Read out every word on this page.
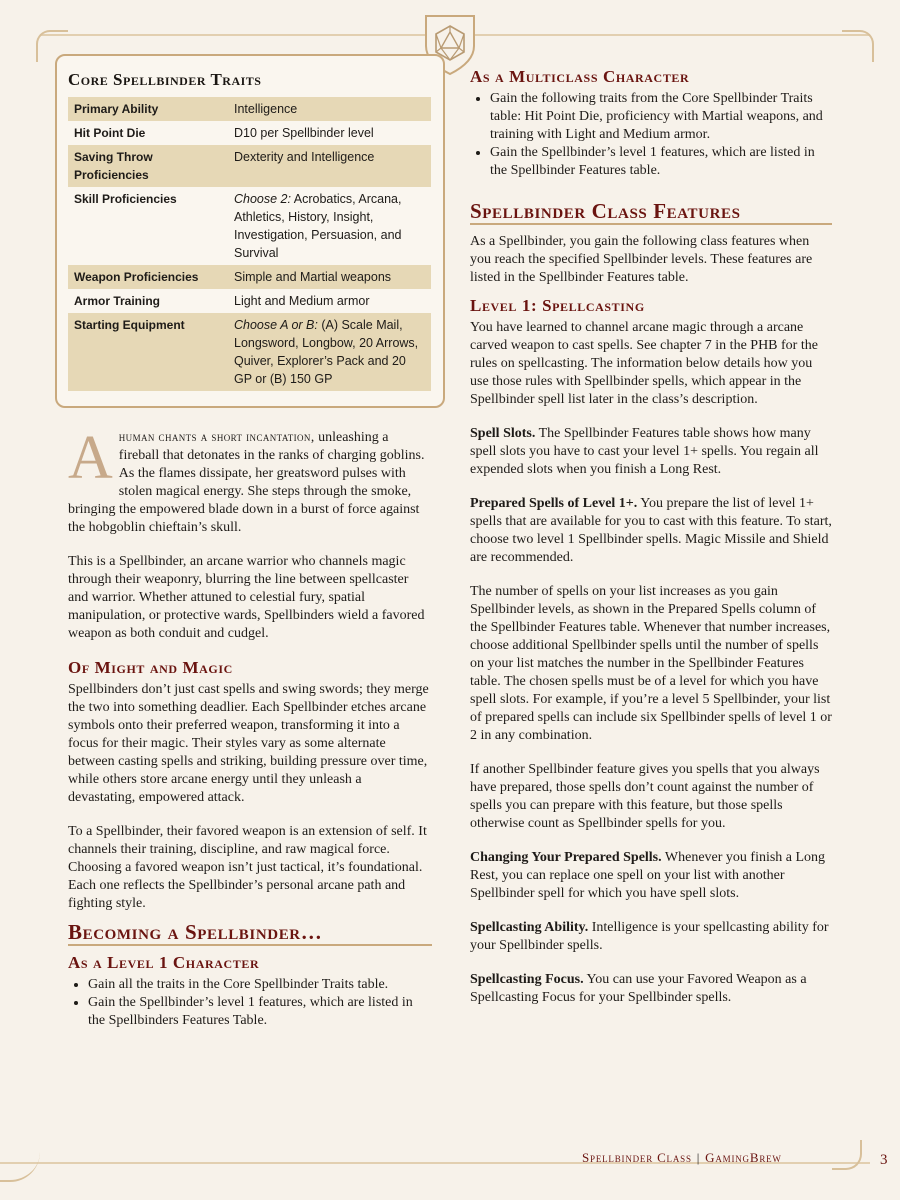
Core Spellbinder Traits
Primary Ability	Intelligence
Hit Point Die	D10 per Spellbinder level
Saving Throw Proficiencies	Dexterity and Intelligence
Skill Proficiencies	Choose 2: Acrobatics, Arcana, Athletics, History, Insight, Investigation, Persuasion, and Survival
Weapon Proficiencies	Simple and Martial weapons
Armor Training	Light and Medium armor
Starting Equipment	Choose A or B: (A) Scale Mail, Longsword, Longbow, 20 Arrows, Quiver, Explorer’s Pack and 20 GP or (B) 150 GP

Ahuman chants a short incantation, unleashing a fireball that detonates in the ranks of charging goblins. As the flames dissipate, her greatsword pulses with stolen magical energy. She steps through the smoke, bringing the empowered blade down in a burst of force against the hobgoblin chieftain’s skull.

This is a Spellbinder, an arcane warrior who channels magic through their weaponry, blurring the line between spellcaster and warrior. Whether attuned to celestial fury, spatial manipulation, or protective wards, Spellbinders wield a favored weapon as both conduit and cudgel.

Of Might and Magic

Spellbinders don’t just cast spells and swing swords; they merge the two into something deadlier. Each Spellbinder etches arcane symbols onto their preferred weapon, transforming it into a focus for their magic. Their styles vary as some alternate between casting spells and striking, building pressure over time, while others store arcane energy until they unleash a devastating, empowered attack.

To a Spellbinder, their favored weapon is an extension of self. It channels their training, discipline, and raw magical force. Choosing a favored weapon isn’t just tactical, it’s foundational. Each one reflects the Spellbinder’s personal arcane path and fighting style.

Becoming a Spellbinder…
As a Level 1 Character
• Gain all the traits in the Core Spellbinder Traits table.
• Gain the Spellbinder’s level 1 features, which are listed in the Spellbinders Features Table.
As a Multiclass Character
• Gain the following traits from the Core Spellbinder Traits table: Hit Point Die, proficiency with Martial weapons, and training with Light and Medium armor.
• Gain the Spellbinder’s level 1 features, which are listed in the Spellbinder Features table.
Spellbinder Class Features

As a Spellbinder, you gain the following class features when you reach the specified Spellbinder levels. These features are listed in the Spellbinder Features table.

Level 1: Spellcasting

You have learned to channel arcane magic through a arcane carved weapon to cast spells. See chapter 7 in the PHB for the rules on spellcasting. The information below details how you use those rules with Spellbinder spells, which appear in the Spellbinder spell list later in the class’s description.

Spell Slots. The Spellbinder Features table shows how many spell slots you have to cast your level 1+ spells. You regain all expended slots when you finish a Long Rest.

Prepared Spells of Level 1+. You prepare the list of level 1+ spells that are available for you to cast with this feature. To start, choose two level 1 Spellbinder spells. Magic Missile and Shield are recommended.

The number of spells on your list increases as you gain Spellbinder levels, as shown in the Prepared Spells column of the Spellbinder Features table. Whenever that number increases, choose additional Spellbinder spells until the number of spells on your list matches the number in the Spellbinder Features table. The chosen spells must be of a level for which you have spell slots. For example, if you’re a level 5 Spellbinder, your list of prepared spells can include six Spellbinder spells of level 1 or 2 in any combination.

If another Spellbinder feature gives you spells that you always have prepared, those spells don’t count against the number of spells you can prepare with this feature, but those spells otherwise count as Spellbinder spells for you.

Changing Your Prepared Spells. Whenever you finish a Long Rest, you can replace one spell on your list with another Spellbinder spell for which you have spell slots.

Spellcasting Ability. Intelligence is your spellcasting ability for your Spellbinder spells.

Spellcasting Focus. You can use your Favored Weapon as a Spellcasting Focus for your Spellbinder spells.

Spellbinder Class | GamingBrew	3
